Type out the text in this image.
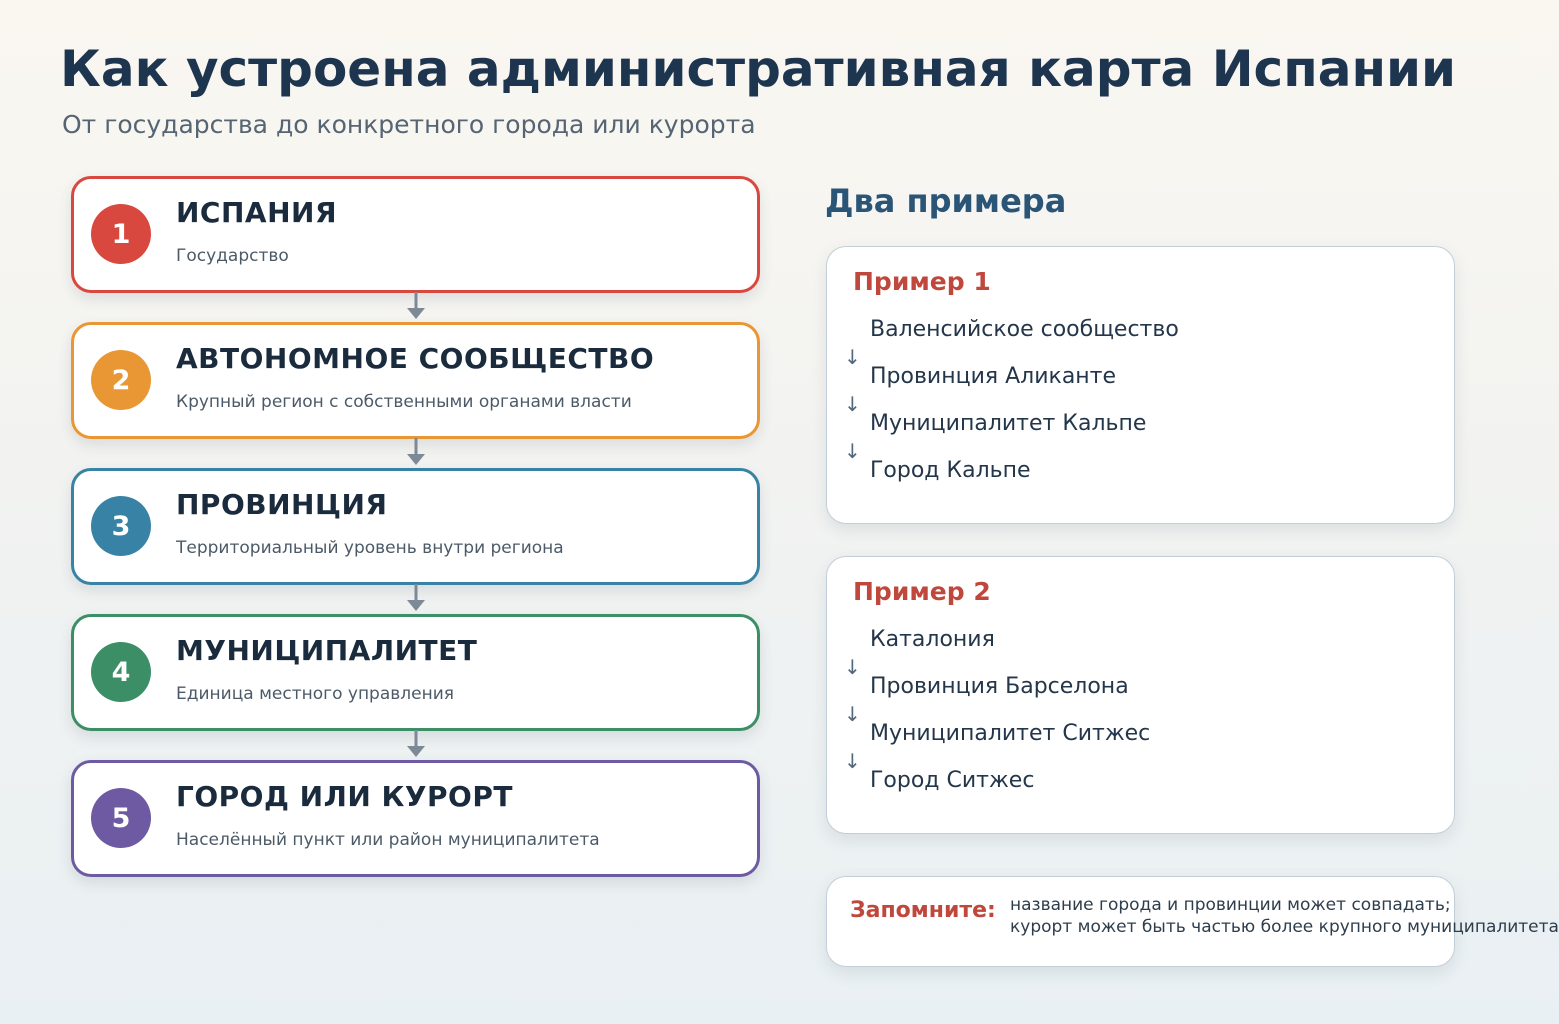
Как устроена административная карта Испании
От государства до конкретного города или курорта
1
ИСПАНИЯ
Государство
2
АВТОНОМНОЕ СООБЩЕСТВО
Крупный регион с собственными органами власти
3
ПРОВИНЦИЯ
Территориальный уровень внутри региона
4
МУНИЦИПАЛИТЕТ
Единица местного управления
5
ГОРОД ИЛИ КУРОРТ
Населённый пункт или район муниципалитета
Два примера
Пример 1
Валенсийское сообщество
↓
Провинция Аликанте
↓
Муниципалитет Кальпе
↓
Город Кальпе
Пример 2
Каталония
↓
Провинция Барселона
↓
Муниципалитет Ситжес
↓
Город Ситжес
Запомните: название города и провинции может совпадать;
курорт может быть частью более крупного муниципалитета
